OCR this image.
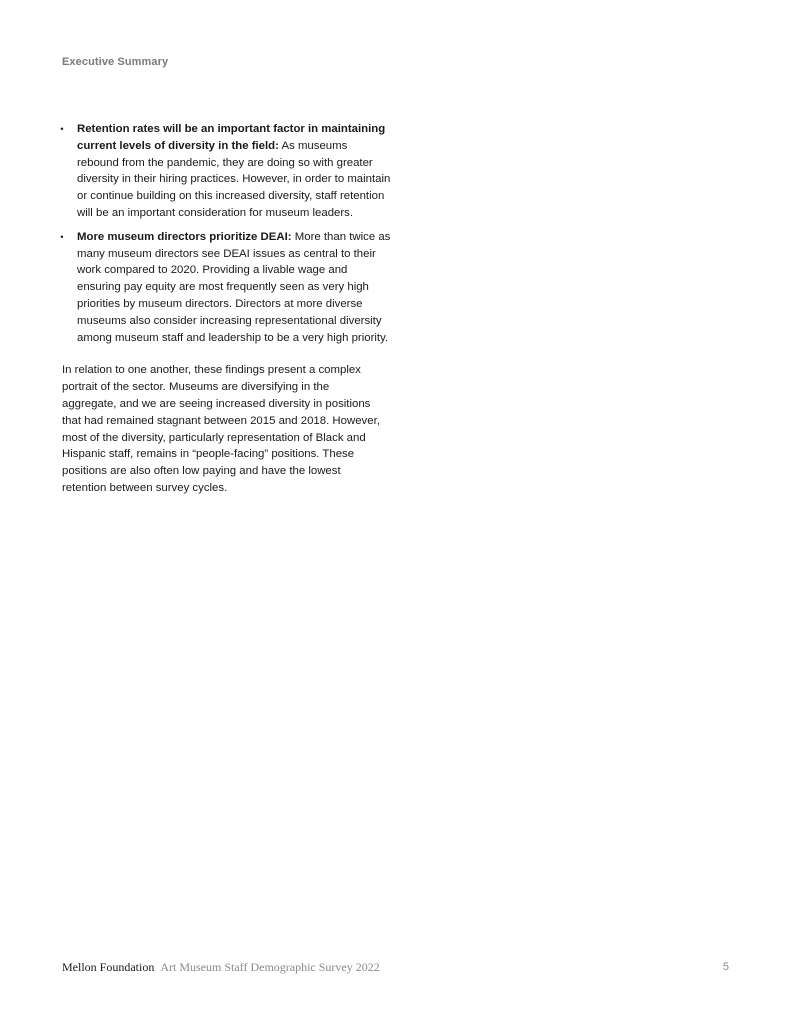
Executive Summary
•	Retention rates will be an important factor in maintaining current levels of diversity in the field: As museums rebound from the pandemic, they are doing so with greater diversity in their hiring practices. However, in order to maintain or continue building on this increased diversity, staff retention will be an important consideration for museum leaders.
•	More museum directors prioritize DEAI: More than twice as many museum directors see DEAI issues as central to their work compared to 2020. Providing a livable wage and ensuring pay equity are most frequently seen as very high priorities by museum directors. Directors at more diverse museums also consider increasing representational diversity among museum staff and leadership to be a very high priority.

In relation to one another, these findings present a complex portrait of the sector. Museums are diversifying in the aggregate, and we are seeing increased diversity in positions that had remained stagnant between 2015 and 2018. However, most of the diversity, particularly representation of Black and Hispanic staff, remains in “people-facing” positions. These positions are also often low paying and have the lowest retention between survey cycles.

Mellon Foundation Art Museum Staff Demographic Survey 2022	5
